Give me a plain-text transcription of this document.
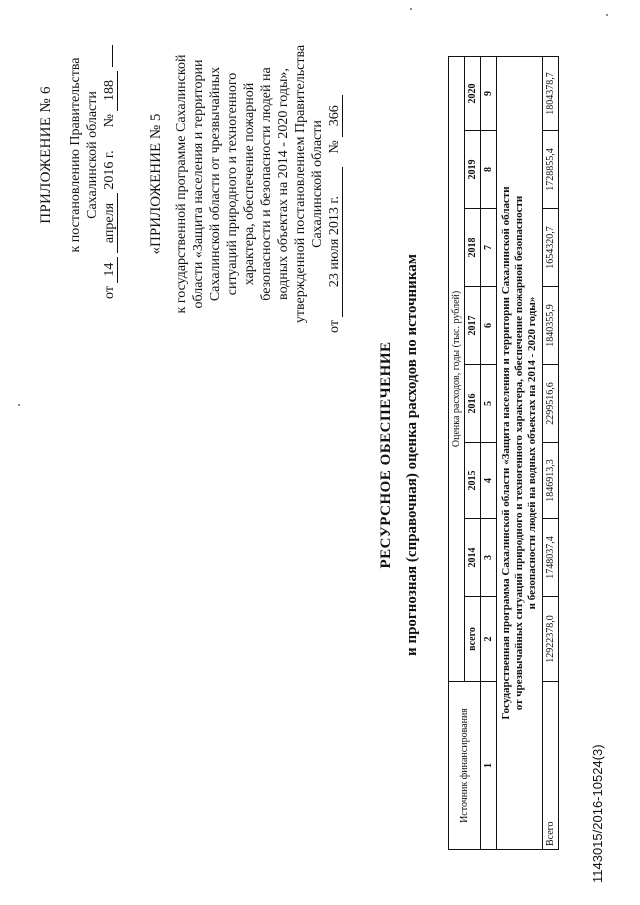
1143015/2016-10524(3)
ПРИЛОЖЕНИЕ № 6 к постановлению Правительства Сахалинской области
от 14 апреля 2016 г.  № 188
«ПРИЛОЖЕНИЕ № 5 к государственной программе Сахалинской области «Защита населения и территории Сахалинской области от чрезвычайных ситуаций природного и техногенного характера, обеспечение пожарной безопасности и безопасности людей на водных объектах на 2014 - 2020 годы», утвержденной постановлением Правительства Сахалинской области
от 23 июля 2013 г.  № 366
РЕСУРСНОЕ ОБЕСПЕЧЕНИЕ и прогнозная (справочная) оценка расходов по источникам
Источник финансирования	Оценка расходов, годы (тыс. рублей)							
	всего	2014	2015	2016	2017	2018	2019	2020
1	2	3	4	5	6	7	8	9

Государственная программа Сахалинской области «Защита населения и территории Сахалинской области от чрезвычайных ситуаций природного и техногенного характера, обеспечение пожарной безопасности и безопасности людей на водных объектах на 2014 - 2020 годы»								

Всего	12922378,0	1748037,4	1846913,3	2299516,6	1840355,9	1654320,7	1728855,4	1804378,7
